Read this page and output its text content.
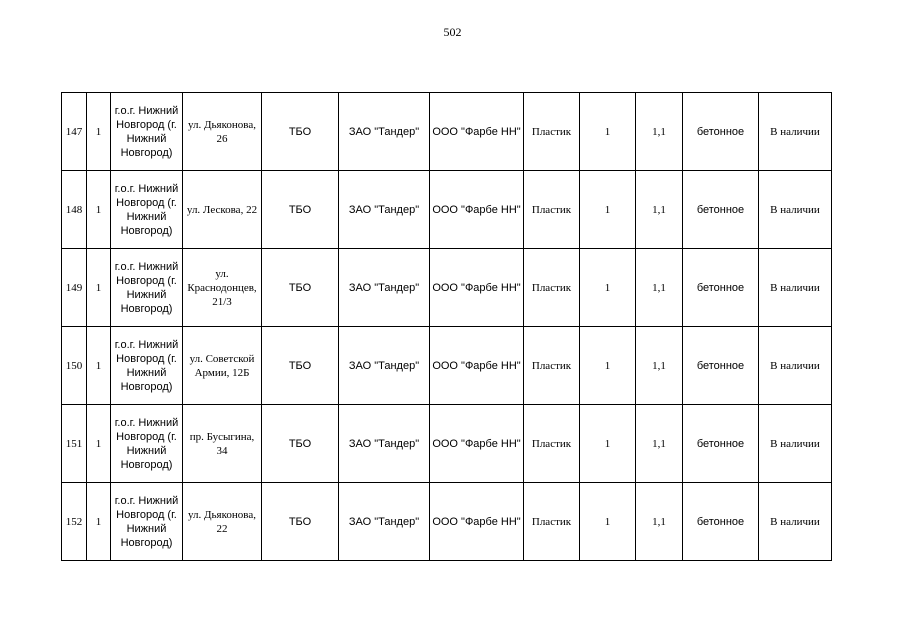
502
147	1	г.о.г. Нижний Новгород (г. Нижний Новгород)	ул. Дьяконова, 26	ТБО	ЗАО "Тандер"	ООО "Фарбе НН"	Пластик	1	1,1	бетонное	В наличии
148	1	г.о.г. Нижний Новгород (г. Нижний Новгород)	ул. Лескова, 22	ТБО	ЗАО "Тандер"	ООО "Фарбе НН"	Пластик	1	1,1	бетонное	В наличии
149	1	г.о.г. Нижний Новгород (г. Нижний Новгород)	ул. Краснодонцев, 21/3	ТБО	ЗАО "Тандер"	ООО "Фарбе НН"	Пластик	1	1,1	бетонное	В наличии
150	1	г.о.г. Нижний Новгород (г. Нижний Новгород)	ул. Советской Армии, 12Б	ТБО	ЗАО "Тандер"	ООО "Фарбе НН"	Пластик	1	1,1	бетонное	В наличии
151	1	г.о.г. Нижний Новгород (г. Нижний Новгород)	пр. Бусыгина, 34	ТБО	ЗАО "Тандер"	ООО "Фарбе НН"	Пластик	1	1,1	бетонное	В наличии
152	1	г.о.г. Нижний Новгород (г. Нижний Новгород)	ул. Дьяконова, 22	ТБО	ЗАО "Тандер"	ООО "Фарбе НН"	Пластик	1	1,1	бетонное	В наличии
